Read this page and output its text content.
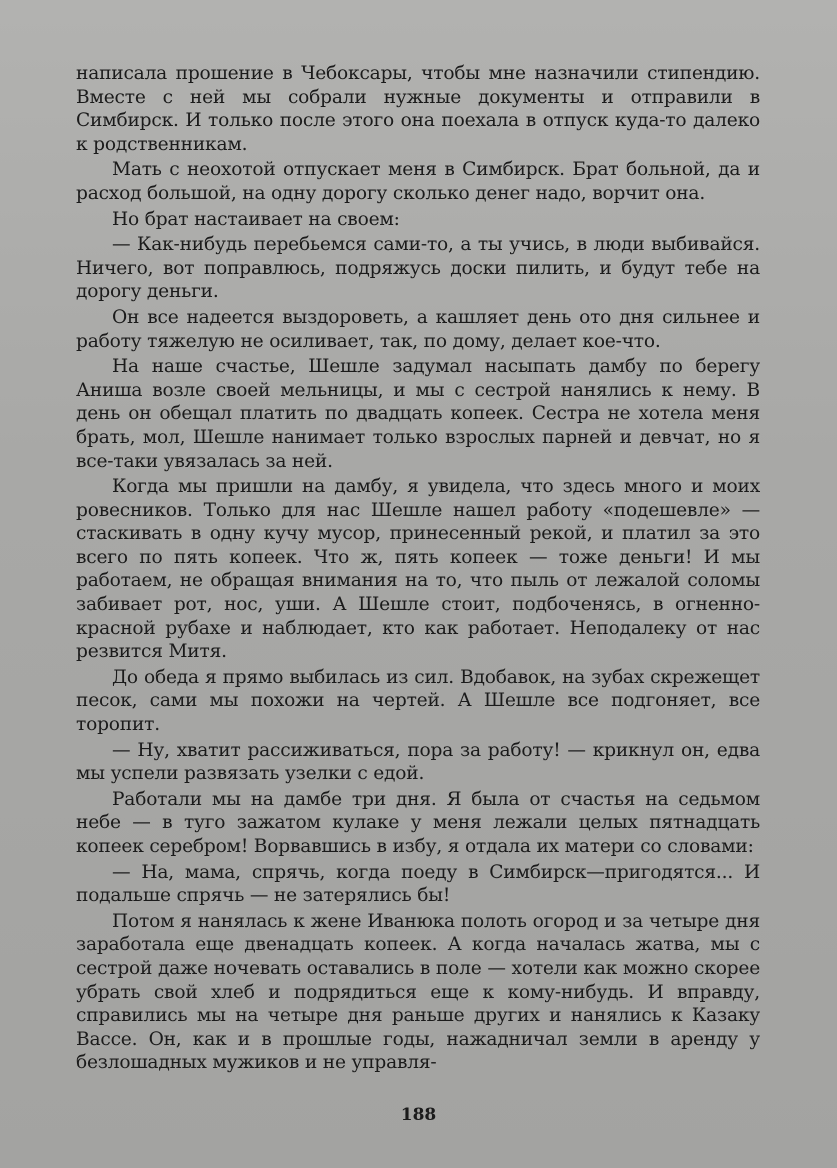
написала прошение в Чебоксары, чтобы мне назначили стипендию. Вместе с ней мы собрали нужные документы и отправили в Симбирск. И только после этого она поехала в отпуск куда-то далеко к родственникам.

Мать с неохотой отпускает меня в Симбирск. Брат больной, да и расход большой, на одну дорогу сколько денег надо, ворчит она.

Но брат настаивает на своем:

— Как-нибудь перебьемся сами-то, а ты учись, в люди выбивайся. Ничего, вот поправлюсь, подряжусь доски пилить, и будут тебе на дорогу деньги.

Он все надеется выздороветь, а кашляет день ото дня сильнее и работу тяжелую не осиливает, так, по дому, делает кое-что.

На наше счастье, Шешле задумал насыпать дамбу по берегу Аниша возле своей мельницы, и мы с сестрой нанялись к нему. В день он обещал платить по двадцать копеек. Сестра не хотела меня брать, мол, Шешле нанимает только взрослых парней и девчат, но я все-таки увязалась за ней.

Когда мы пришли на дамбу, я увидела, что здесь много и моих ровесников. Только для нас Шешле нашел работу «подешевле» — стаскивать в одну кучу мусор, принесенный рекой, и платил за это всего по пять копеек. Что ж, пять копеек — тоже деньги! И мы работаем, не обращая внимания на то, что пыль от лежалой соломы забивает рот, нос, уши. А Шешле стоит, подбоченясь, в огненно-красной рубахе и наблюдает, кто как работает. Неподалеку от нас резвится Митя.

До обеда я прямо выбилась из сил. Вдобавок, на зубах скрежещет песок, сами мы похожи на чертей. А Шешле все подгоняет, все торопит.

— Ну, хватит рассиживаться, пора за работу! — крикнул он, едва мы успели развязать узелки с едой.

Работали мы на дамбе три дня. Я была от счастья на седьмом небе — в туго зажатом кулаке у меня лежали целых пятнадцать копеек серебром! Ворвавшись в избу, я отдала их матери со словами:

— На, мама, спрячь, когда поеду в Симбирск—пригодятся... И подальше спрячь — не затерялись бы!

Потом я нанялась к жене Иванюка полоть огород и за четыре дня заработала еще двенадцать копеек. А когда началась жатва, мы с сестрой даже ночевать оставались в поле — хотели как можно скорее убрать свой хлеб и подрядиться еще к кому-нибудь. И вправду, справились мы на четыре дня раньше других и нанялись к Казаку Вассе. Он, как и в прошлые годы, нажадничал земли в аренду у безлошадных мужиков и не управля-

188
